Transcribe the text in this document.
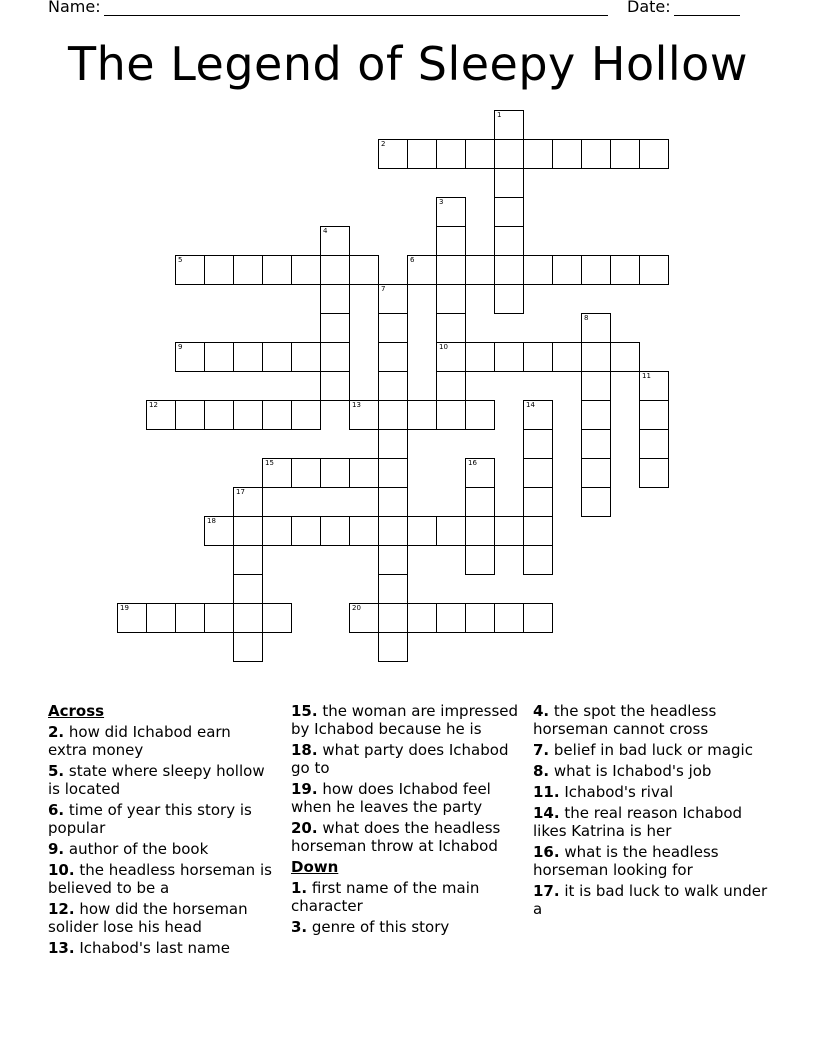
Name:	Date:
The Legend of Sleepy Hollow
1
2
3
10
4
5	6
7
8
9
11
12	13	14
15	16
17
18
19	20
Across
2. how did Ichabod earn extra money
5. state where sleepy hollow is located
6. time of year this story is popular
9. author of the book
10. the headless horseman is believed to be a
12. how did the horseman solider lose his head
13. Ichabod's last name
15. the woman are impressed by Ichabod because he is
18. what party does Ichabod go to
19. how does Ichabod feel when he leaves the party
20. what does the headless horseman throw at Ichabod
Down
1. first name of the main character
3. genre of this story
4. the spot the headless horseman cannot cross
7. belief in bad luck or magic
8. what is Ichabod's job
11. Ichabod's rival
14. the real reason Ichabod likes Katrina is her
16. what is the headless horseman looking for
17. it is bad luck to walk under a
